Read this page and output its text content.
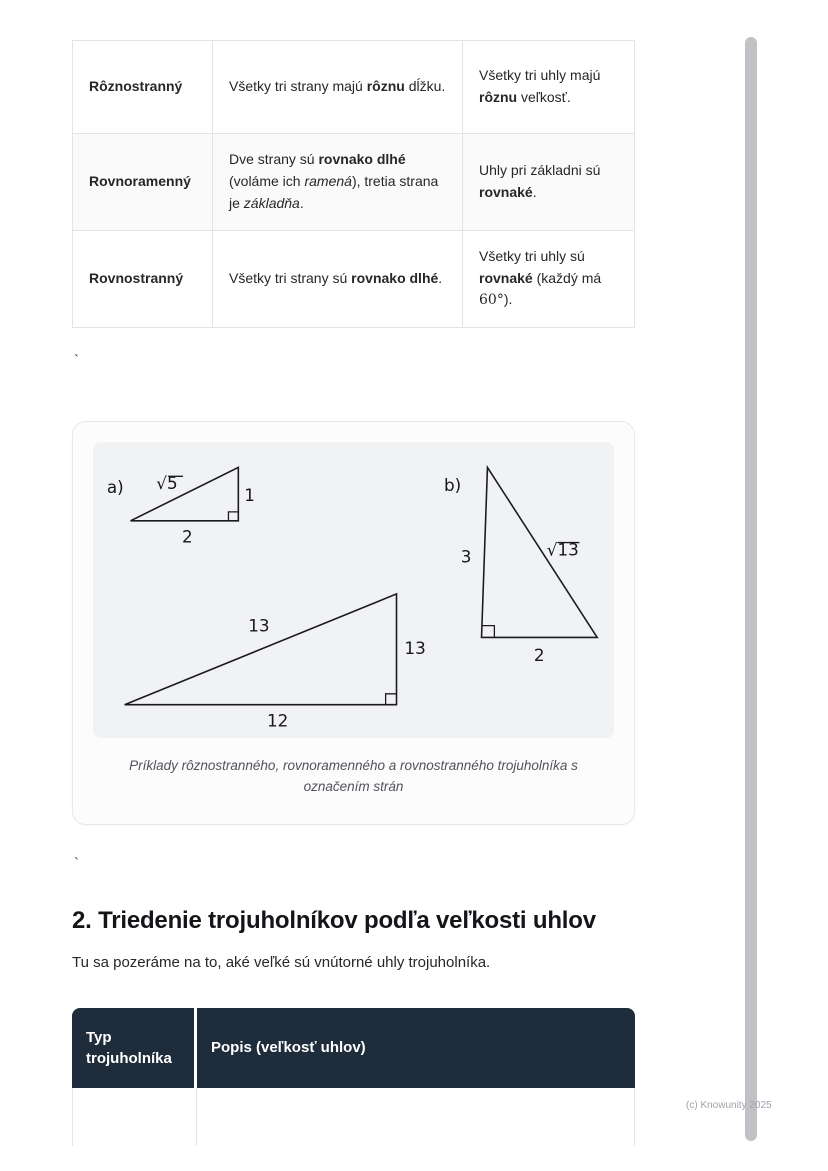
Rôznostranný	Všetky tri strany majú rôznu dĺžku.	Všetky tri uhly majú rôznu veľkosť.
Rovnoramenný	Dve strany sú rovnako dlhé (voláme ich ramená), tretia strana je základňa.	Uhly pri základni sú rovnaké.
Rovnostranný	Všetky tri strany sú rovnako dlhé.	Všetky tri uhly sú rovnaké (každý má 60°).
`
a) √5
1
2
b)
3	√13
2
13
13
12
Príklady rôznostranného, rovnoramenného a rovnostranného trojuholníka s označením strán
`
2. Triedenie trojuholníkov podľa veľkosti uhlov

Tu sa pozeráme na to, aké veľké sú vnútorné uhly trojuholníka.

Typ trojuholníka	Popis (veľkosť uhlov)

(c) Knowunity 2025
